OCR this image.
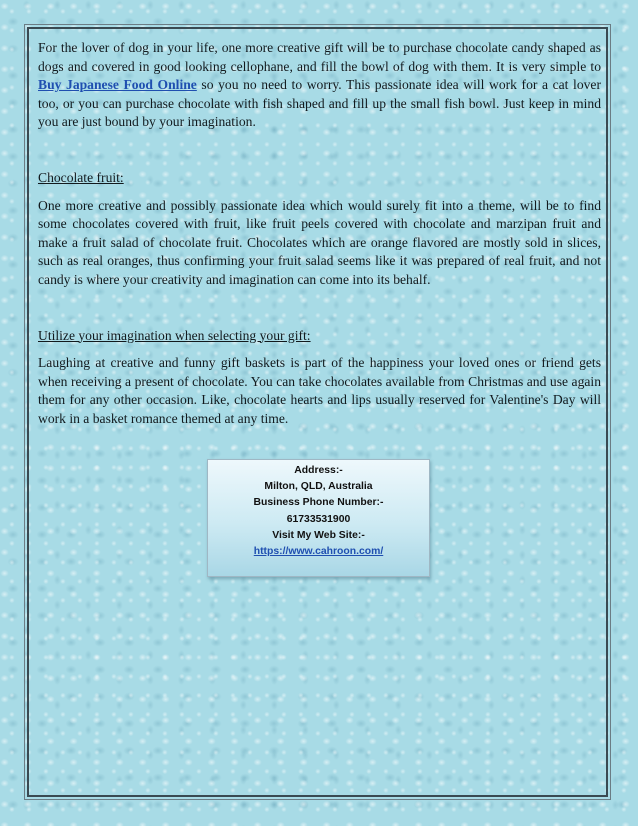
For the lover of dog in your life, one more creative gift will be to purchase chocolate candy shaped as dogs and covered in good looking cellophane, and fill the bowl of dog with them. It is very simple to Buy Japanese Food Online so you no need to worry. This passionate idea will work for a cat lover too, or you can purchase chocolate with fish shaped and fill up the small fish bowl. Just keep in mind you are just bound by your imagination.

Chocolate fruit:

One more creative and possibly passionate idea which would surely fit into a theme, will be to find some chocolates covered with fruit, like fruit peels covered with chocolate and marzipan fruit and make a fruit salad of chocolate fruit. Chocolates which are orange flavored are mostly sold in slices, such as real oranges, thus confirming your fruit salad seems like it was prepared of real fruit, and not candy is where your creativity and imagination can come into its behalf.

Utilize your imagination when selecting your gift:

Laughing at creative and funny gift baskets is part of the happiness your loved ones or friend gets when receiving a present of chocolate. You can take chocolates available from Christmas and use again them for any other occasion. Like, chocolate hearts and lips usually reserved for Valentine's Day will work in a basket romance themed at any time.

Address:-
Milton, QLD, Australia
Business Phone Number:-
61733531900
Visit My Web Site:-
https://www.cahroon.com/
